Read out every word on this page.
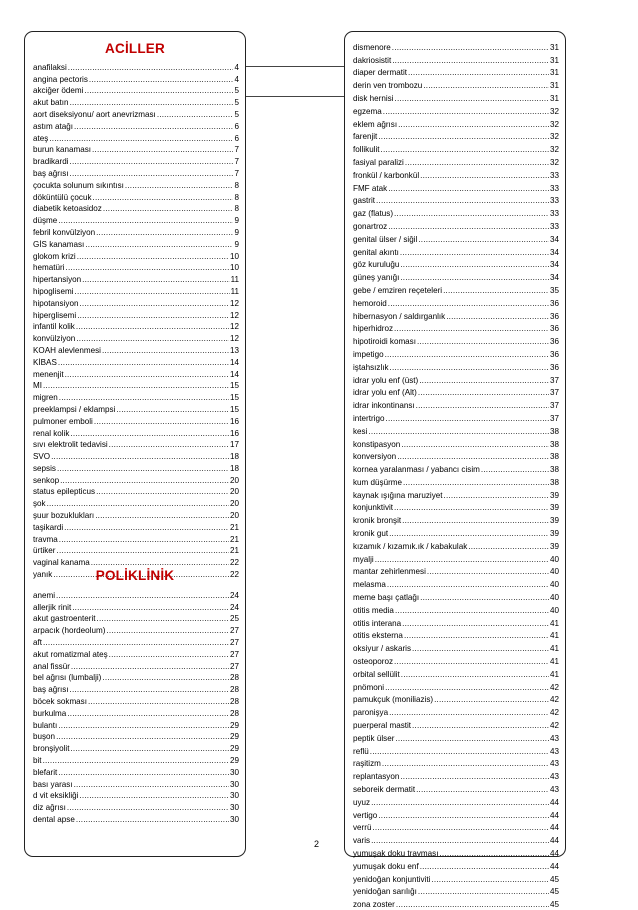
ACİLLER
anafilaksi .....	4
angina pectoris .....	4
akciğer ödemi .....	5
akut batın .....	5
aort diseksiyonu/ aort anevrizması .....	5
astım atağı .....	6
ateş .....	6
burun kanaması .....	7
bradikardi .....	7
baş ağrısı .....	7
çocukta solunum sıkıntısı .....	8
döküntülü çocuk .....	8
diabetik ketoasidoz .....	8
düşme .....	9
febril konvülziyon .....	9
GİS kanaması .....	9
glokom krizi .....	10
hematüri .....	10
hipertansiyon .....	11
hipoglisemi .....	11
hipotansiyon .....	12
hiperglisemi .....	12
infantil kolik .....	12
konvülziyon .....	12
KOAH alevlenmesi .....	13
KİBAS .....	14
menenjit .....	14
MI .....	15
migren .....	15
preeklampsi / eklampsi .....	15
pulmoner emboli .....	16
renal kolik .....	16
sıvı elektrolit tedavisi .....	17
SVO .....	18
sepsis .....	18
senkop .....	20
status epilepticus .....	20
şok .....	20
şuur bozuklukları .....	20
taşikardi .....	21
travma .....	21
ürtiker .....	21
vaginal kanama .....	22
yanık .....	22
POLİKLİNİK
anemi .....	24
allerjik rinit .....	24
akut gastroenterit .....	25
arpacık (hordeolum) .....	27
aft .....	27
akut romatizmal ateş .....	27
anal fissür .....	27
bel ağrısı (lumbalji) .....	28
baş ağrısı .....	28
böcek sokması .....	28
burkulma .....	28
bulantı .....	29
buşon .....	29
bronşiyolit .....	29
bit .....	29
blefarit .....	30
bası yarası .....	30
d vit eksikliği .....	30
diz ağrısı .....	30
dental apse .....	30
dismenore .....	31
dakriosistit .....	31
diaper dermatit .....	31
derin ven trombozu .....	31
disk hernisi .....	31
egzema .....	32
eklem ağrısı .....	32
farenjit .....	32
follikulit .....	32
fasiyal paralizi .....	32
fronkül / karbonkül .....	33
FMF atak .....	33
gastrit .....	33
gaz (flatus) .....	33
gonartroz .....	33
genital ülser / siğil .....	34
genital akıntı .....	34
göz kuruluğu .....	34
güneş yanığı .....	34
gebe / emziren reçeteleri .....	35
hemoroid .....	36
hibernasyon / saldırganlık .....	36
hiperhidroz .....	36
hipotiroidi koması .....	36
impetigo .....	36
iştahsızlık .....	36
idrar yolu enf (üst) .....	37
idrar yolu enf (Alt) .....	37
idrar inkontinansı .....	37
intertrigo .....	37
kesi .....	38
konstipasyon .....	38
konversiyon .....	38
kornea yaralanması / yabancı cisim .....	38
kum düşürme .....	38
kaynak ışığına maruziyet .....	39
konjunktivit .....	39
kronik bronşit .....	39
kronik gut .....	39
kızamık / kızamık.ık / kabakulak .....	39
myalji .....	40
mantar zehirlenmesi .....	40
melasma .....	40
meme başı çatlağı .....	40
otitis media .....	40
otitis interana .....	41
otitis eksterna .....	41
oksiyur / askaris .....	41
osteoporoz .....	41
orbital sellülit .....	41
pnömoni .....	42
pamukçuk (moniliazis) .....	42
paronişya .....	42
puerperal mastit .....	42
peptik ülser .....	43
reflü .....	43
raşitizm .....	43
replantasyon .....	43
seboreik dermatit .....	43
uyuz .....	44
vertigo .....	44
verrü .....	44
varis .....	44
yumuşak doku travması .....	44
yumuşak doku enf .....	44
yenidoğan konjuntiviti .....	45
yenidoğan sarılığı .....	45
zona zoster .....	45
2
